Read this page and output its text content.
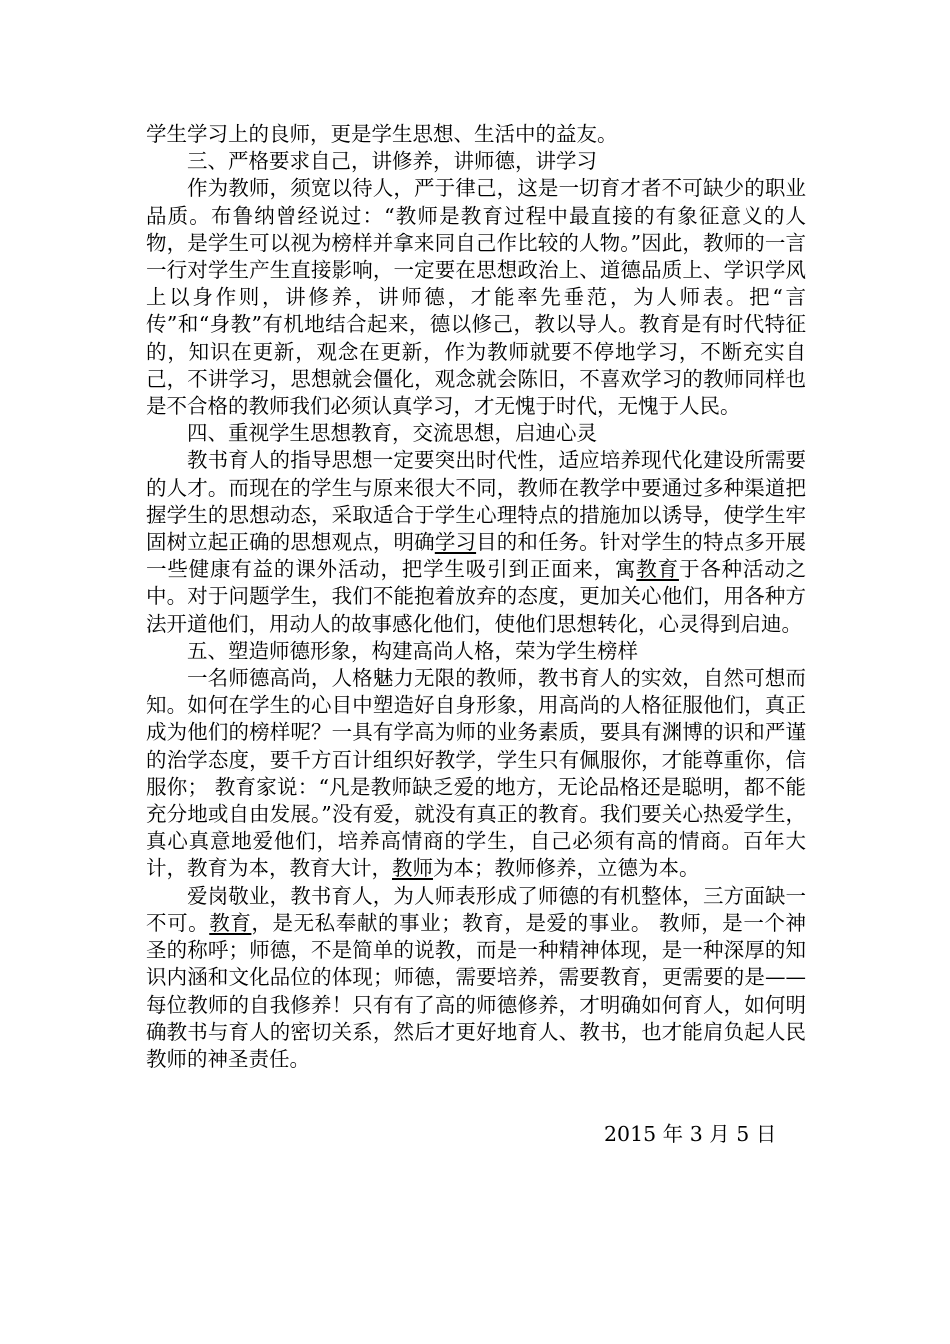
学生学习上的良师，更是学生思想、生活中的益友。

三、严格要求自己，讲修养，讲师德，讲学习

作为教师，须宽以待人，严于律己，这是一切育才者不可缺少的职业品质。布鲁纳曾经说过：“教师是教育过程中最直接的有象征意义的人物，是学生可以视为榜样并拿来同自己作比较的人物。”因此，教师的一言一行对学生产生直接影响，一定要在思想政治上、道德品质上、学识学风上以身作则，讲修养，讲师德，才能率先垂范，为人师表。把“言传”和“身教”有机地结合起来，德以修己，教以导人。教育是有时代特征的，知识在更新，观念在更新，作为教师就要不停地学习，不断充实自己，不讲学习，思想就会僵化，观念就会陈旧，不喜欢学习的教师同样也是不合格的教师我们必须认真学习，才无愧于时代，无愧于人民。

四、重视学生思想教育，交流思想，启迪心灵

教书育人的指导思想一定要突出时代性，适应培养现代化建设所需要的人才。而现在的学生与原来很大不同，教师在教学中要通过多种渠道把握学生的思想动态，采取适合于学生心理特点的措施加以诱导，使学生牢固树立起正确的思想观点，明确学习目的和任务。针对学生的特点多开展一些健康有益的课外活动，把学生吸引到正面来，寓教育于各种活动之中。对于问题学生，我们不能抱着放弃的态度，更加关心他们，用各种方法开道他们，用动人的故事感化他们，使他们思想转化，心灵得到启迪。

五、塑造师德形象，构建高尚人格，荣为学生榜样

一名师德高尚，人格魅力无限的教师，教书育人的实效，自然可想而知。如何在学生的心目中塑造好自身形象，用高尚的人格征服他们，真正成为他们的榜样呢？一具有学高为师的业务素质，要具有渊博的识和严谨的治学态度，要千方百计组织好教学，学生只有佩服你，才能尊重你，信服你； 教育家说：“凡是教师缺乏爱的地方，无论品格还是聪明，都不能充分地或自由发展。”没有爱，就没有真正的教育。我们要关心热爱学生，真心真意地爱他们，培养高情商的学生，自己必须有高的情商。百年大计，教育为本，教育大计，教师为本；教师修养，立德为本。

爱岗敬业，教书育人，为人师表形成了师德的有机整体，三方面缺一不可。教育，是无私奉献的事业；教育，是爱的事业。 教师，是一个神圣的称呼；师德，不是简单的说教，而是一种精神体现，是一种深厚的知识内涵和文化品位的体现；师德，需要培养，需要教育，更需要的是——每位教师的自我修养！只有有了高的师德修养，才明确如何育人，如何明确教书与育人的密切关系，然后才更好地育人、教书，也才能肩负起人民教师的神圣责任。

2015 年 3 月 5 日
